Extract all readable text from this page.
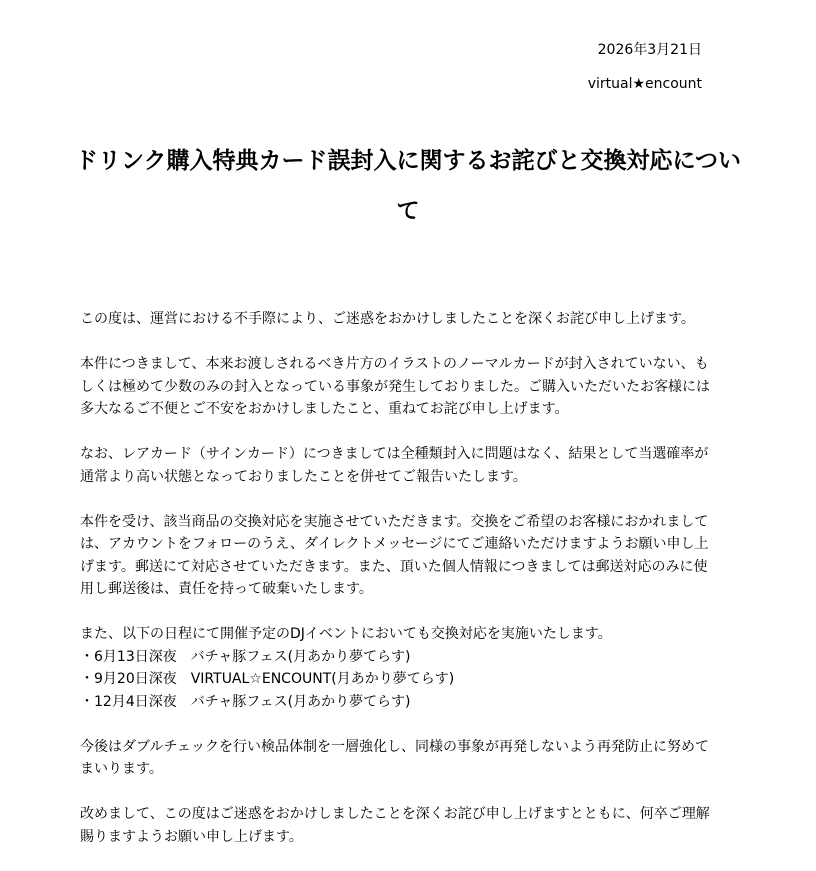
2026年3月21日

virtual★encount

ドリンク購入特典カード誤封入に関するお詫びと交換対応について

この度は、運営における不手際により、ご迷惑をおかけしましたことを深くお詫び申し上げます。

本件につきまして、本来お渡しされるべき片方のイラストのノーマルカードが封入されていない、もしくは極めて少数のみの封入となっている事象が発生しておりました。ご購入いただいたお客様には多大なるご不便とご不安をおかけしましたこと、重ねてお詫び申し上げます。

なお、レアカード（サインカード）につきましては全種類封入に問題はなく、結果として当選確率が通常より高い状態となっておりましたことを併せてご報告いたします。

本件を受け、該当商品の交換対応を実施させていただきます。交換をご希望のお客様におかれましては、アカウントをフォローのうえ、ダイレクトメッセージにてご連絡いただけますようお願い申し上げます。郵送にて対応させていただきます。また、頂いた個人情報につきましては郵送対応のみに使用し郵送後は、責任を持って破棄いたします。

また、以下の日程にて開催予定のDJイベントにおいても交換対応を実施いたします。

・6月13日深夜　バチャ豚フェス(月あかり夢てらす)

・9月20日深夜　VIRTUAL☆ENCOUNT(月あかり夢てらす)

・12月4日深夜　バチャ豚フェス(月あかり夢てらす)

今後はダブルチェックを行い検品体制を一層強化し、同様の事象が再発しないよう再発防止に努めてまいります。

改めまして、この度はご迷惑をおかけしましたことを深くお詫び申し上げますとともに、何卒ご理解賜りますようお願い申し上げます。
